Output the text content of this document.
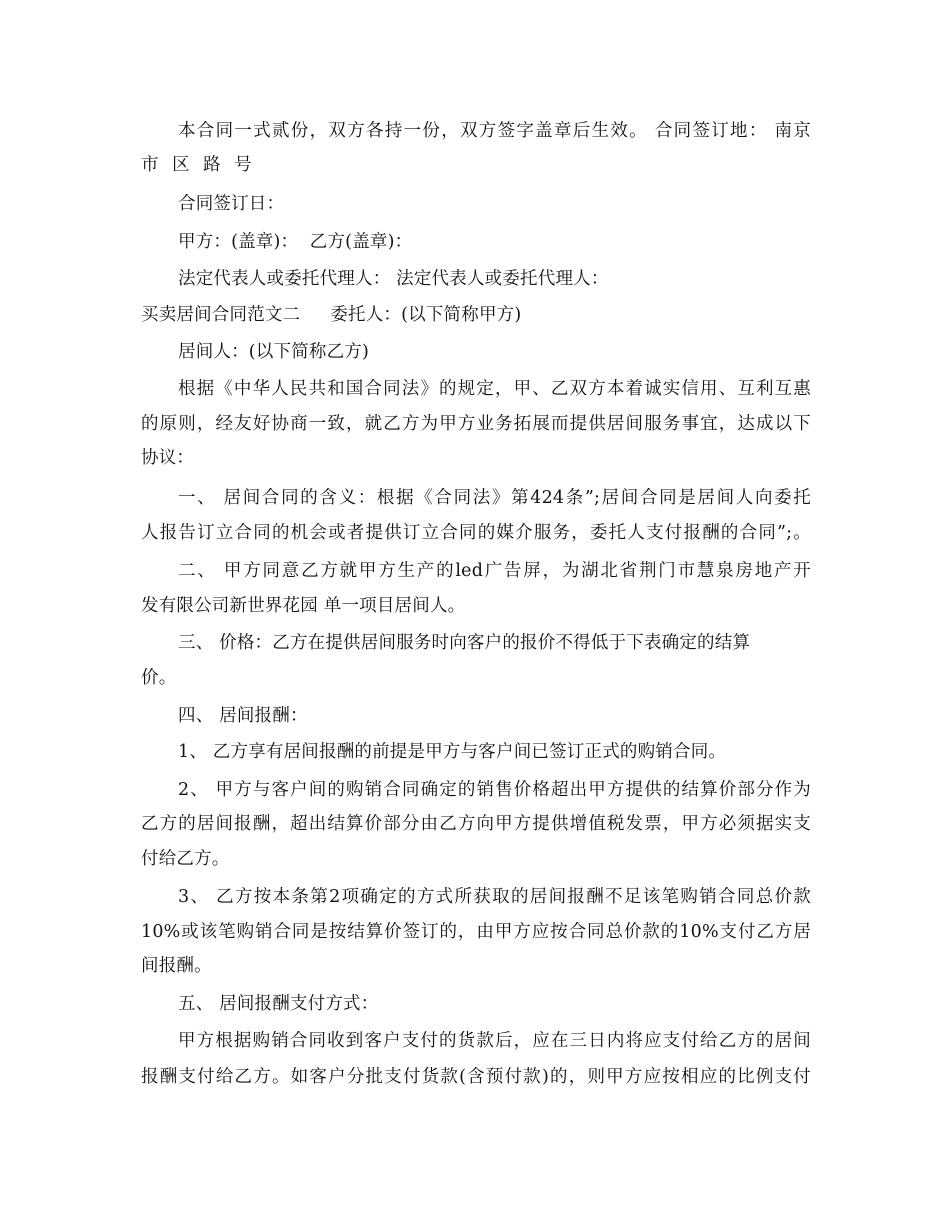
本合同一式贰份，双方各持一份，双方签字盖章后生效。 合同签订地： 南京
市 区 路 号
合同签订日：
甲方：(盖章)：  乙方(盖章)：
法定代表人或委托代理人： 法定代表人或委托代理人：
买卖居间合同范文二 委托人：(以下简称甲方)
居间人：(以下简称乙方)
根据《中华人民共和国合同法》的规定，甲、乙双方本着诚实信用、互利互惠
的原则，经友好协商一致，就乙方为甲方业务拓展而提供居间服务事宜，达成以下
协议：
一、 居间合同的含义：根据《合同法》第424条”;居间合同是居间人向委托
人报告订立合同的机会或者提供订立合同的媒介服务，委托人支付报酬的合同”;。
二、 甲方同意乙方就甲方生产的led广告屏，为湖北省荆门市慧泉房地产开
发有限公司新世界花园 单一项目居间人。
三、 价格：乙方在提供居间服务时向客户的报价不得低于下表确定的结算
价。
四、 居间报酬：
1、 乙方享有居间报酬的前提是甲方与客户间已签订正式的购销合同。
2、 甲方与客户间的购销合同确定的销售价格超出甲方提供的结算价部分作为
乙方的居间报酬，超出结算价部分由乙方向甲方提供增值税发票，甲方必须据实支
付给乙方。
3、 乙方按本条第2项确定的方式所获取的居间报酬不足该笔购销合同总价款
10%或该笔购销合同是按结算价签订的，由甲方应按合同总价款的10%支付乙方居
间报酬。
五、 居间报酬支付方式：
甲方根据购销合同收到客户支付的货款后，应在三日内将应支付给乙方的居间
报酬支付给乙方。如客户分批支付货款(含预付款)的，则甲方应按相应的比例支付
